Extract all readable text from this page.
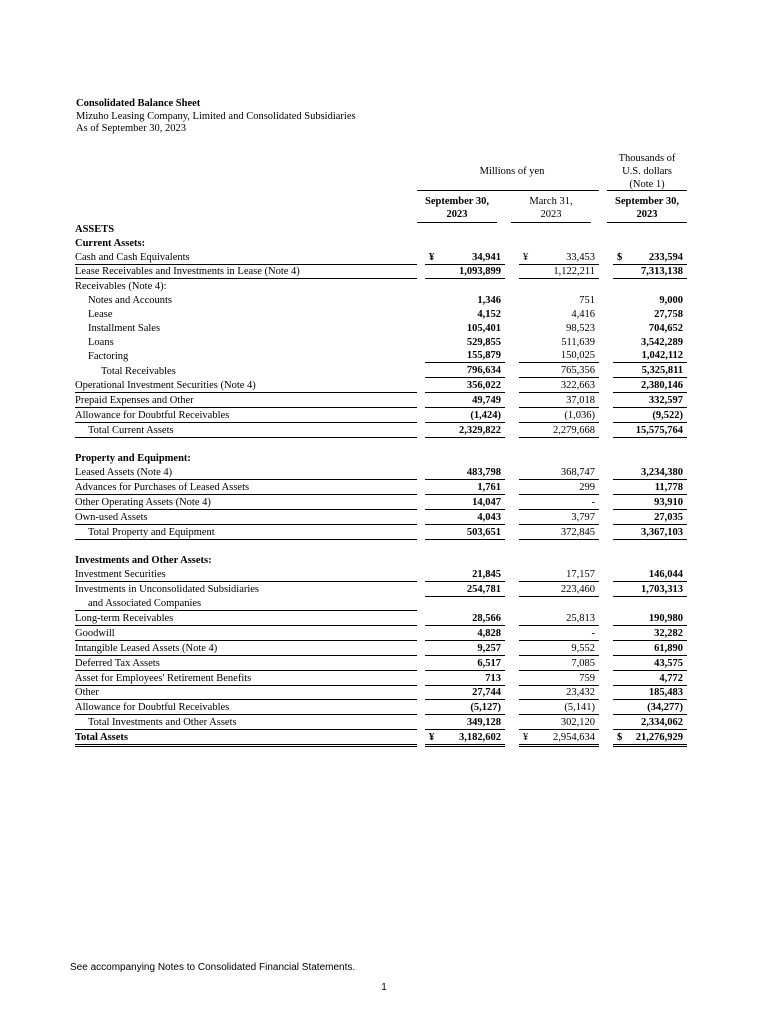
Consolidated Balance Sheet
Mizuho Leasing Company, Limited and Consolidated Subsidiaries
As of September 30, 2023
Millions of yen
Thousands of
U.S. dollars
(Note 1)
September 30,
2023
March 31,
2023
September 30,
2023
ASSETS						
Current Assets:						
Cash and Cash Equivalents		¥ 34,941		¥ 33,453		$ 233,594
Lease Receivables and Investments in Lease (Note 4)		1,093,899		1,122,211		7,313,138
Receivables (Note 4):						
Notes and Accounts		1,346		751		9,000
Lease		4,152		4,416		27,758
Installment Sales		105,401		98,523		704,652
Loans		529,855		511,639		3,542,289
Factoring		155,879		150,025		1,042,112
Total Receivables		796,634		765,356		5,325,811
Operational Investment Securities (Note 4)		356,022		322,663		2,380,146
Prepaid Expenses and Other		49,749		37,018		332,597
Allowance for Doubtful Receivables		(1,424)		(1,036)		(9,522)
Total Current Assets		2,329,822		2,279,668		15,575,764

Property and Equipment:						
Leased Assets (Note 4)		483,798		368,747		3,234,380
Advances for Purchases of Leased Assets		1,761		299		11,778
Other Operating Assets (Note 4)		14,047		-		93,910
Own-used Assets		4,043		3,797		27,035
Total Property and Equipment		503,651		372,845		3,367,103

Investments and Other Assets:						
Investment Securities		21,845		17,157		146,044
Investments in Unconsolidated Subsidiaries		254,781		223,460		1,703,313
and Associated Companies						
Long-term Receivables		28,566		25,813		190,980
Goodwill		4,828		-		32,282
Intangible Leased Assets (Note 4)		9,257		9,552		61,890
Deferred Tax Assets		6,517		7,085		43,575
Asset for Employees' Retirement Benefits		713		759		4,772
Other		27,744		23,432		185,483
Allowance for Doubtful Receivables		(5,127)		(5,141)		(34,277)
Total Investments and Other Assets		349,128		302,120		2,334,062
Total Assets		¥ 3,182,602		¥ 2,954,634		$ 21,276,929
See accompanying Notes to Consolidated Financial Statements.
1
